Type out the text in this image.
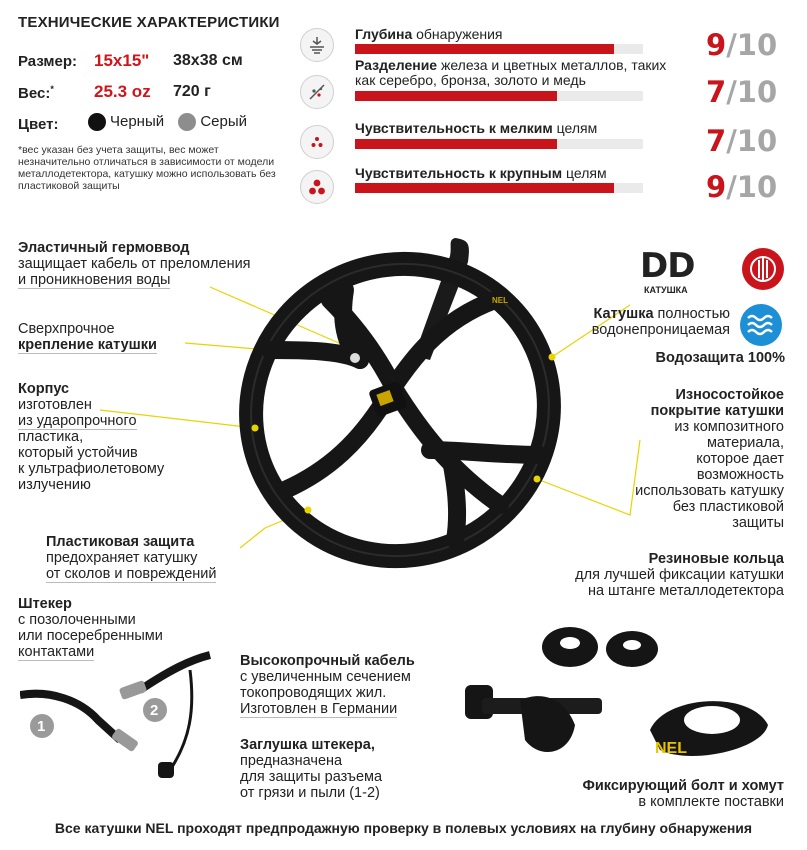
ТЕХНИЧЕСКИЕ ХАРАКТЕРИСТИКИ
Размер: 15x15" 38x38 см
Вес:* 25.3 oz 720 г
Цвет:	Черный Серый
*вес указан без учета защиты, вес может незначительно отличаться в зависимости от модели металлодетектора, катушку можно использовать без пластиковой защиты
Глубина обнаружения	9/10
Разделение железа и цветных металлов, таких как серебро, бронза, золото и медь	7/10
Чувствительность к мелким целям	7/10
Чувствительность к крупным целям	9/10
NEL
DD
КАТУШКА
Катушка полностью
водонепроницаемая
Водозащита 100%
Эластичный гермоввод
защищает кабель от преломления
и проникновения воды
Сверхпрочное
крепление катушки
Корпус
изготовлен
из ударопрочного
пластика,
который устойчив
к ультрафиолетовому
излучению
Пластиковая защита
предохраняет катушку
от сколов и повреждений
Износостойкое
покрытие катушки
из композитного
материала,
которое дает
возможность
использовать катушку
без пластиковой
защиты
Резиновые кольца
для лучшей фиксации катушки
на штанге металлодетектора
Штекер
с позолоченными
или посеребренными
контактами
1
2
Высокопрочный кабель
с увеличенным сечением
токопроводящих жил.
Изготовлен в Германии
Заглушка штекера,
предназначена
для защиты разъема
от грязи и пыли (1-2)
NEL
Фиксирующий болт и хомут
в комплекте поставки
Все катушки NEL проходят предпродажную проверку в полевых условиях на глубину обнаружения
